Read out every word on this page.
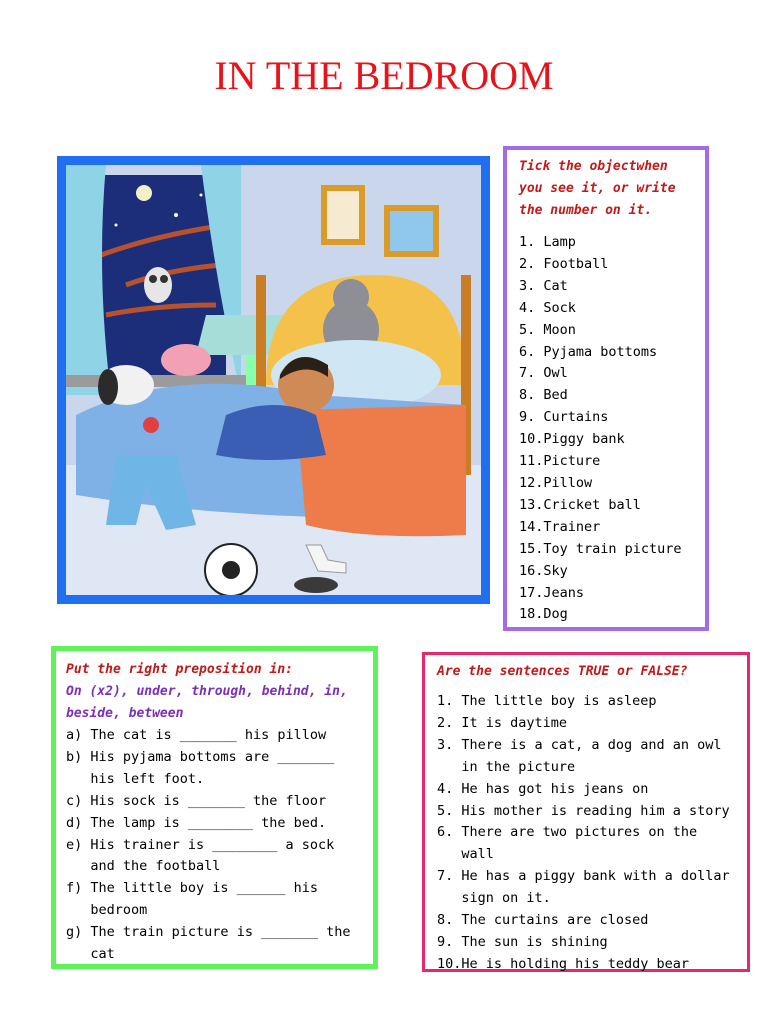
IN THE BEDROOM
Tick the objectwhen
you see it, or write
the number on it.
1. Lamp
2. Football
3. Cat
4. Sock
5. Moon
6. Pyjama bottoms
7. Owl
8. Bed
9. Curtains
10.Piggy bank
11.Picture
12.Pillow
13.Cricket ball
14.Trainer
15.Toy train picture
16.Sky
17.Jeans
18.Dog
Put the right preposition in:
On (x2), under, through, behind, in,
beside, between
a) The cat is _______ his pillow
b) His pyjama bottoms are _______ his left foot.
c) His sock is _______ the floor
d) The lamp is ________ the bed.
e) His trainer is ________ a sock and the football
f) The little boy is ______ his bedroom
g) The train picture is _______ the cat
Are the sentences TRUE or FALSE?
1. The little boy is asleep
2. It is daytime
3. There is a cat, a dog and an owl in the picture
4. He has got his jeans on
5. His mother is reading him a story
6. There are two pictures on the wall
7. He has a piggy bank with a dollar sign on it.
8. The curtains are closed
9. The sun is shining
10. He is holding his teddy bear
